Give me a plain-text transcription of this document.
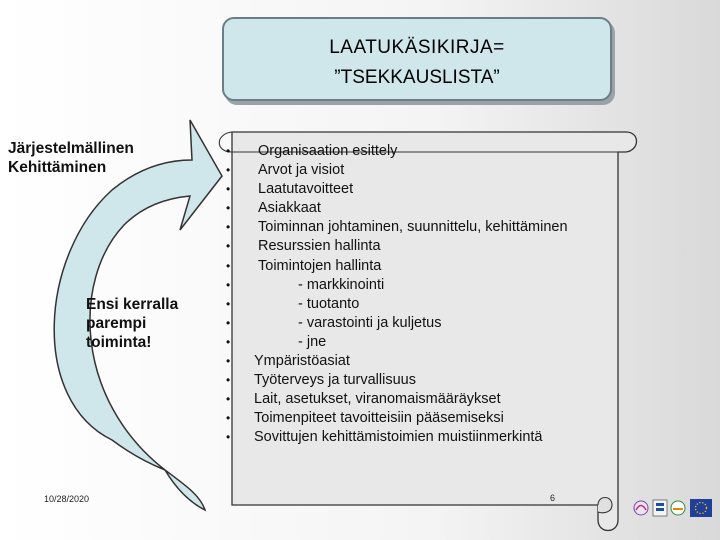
LAATUKÄSIKIRJA=
”TSEKKAUSLISTA”
Järjestelmällinen
Kehittäminen
Ensi kerralla
parempi
toiminta!
• Organisaation esittely
• Arvot ja visiot
• Laatutavoitteet
• Asiakkaat
• Toiminnan johtaminen, suunnittelu, kehittäminen
• Resurssien hallinta
• Toimintojen hallinta
•	- markkinointi
•	- tuotanto
•	- varastointi ja kuljetus
•	- jne
• Ympäristöasiat
• Työterveys ja turvallisuus
• Lait, asetukset, viranomaismääräykset
• Toimenpiteet tavoitteisiin pääsemiseksi
• Sovittujen kehittämistoimien muistiinmerkintä
10/28/2020	6
